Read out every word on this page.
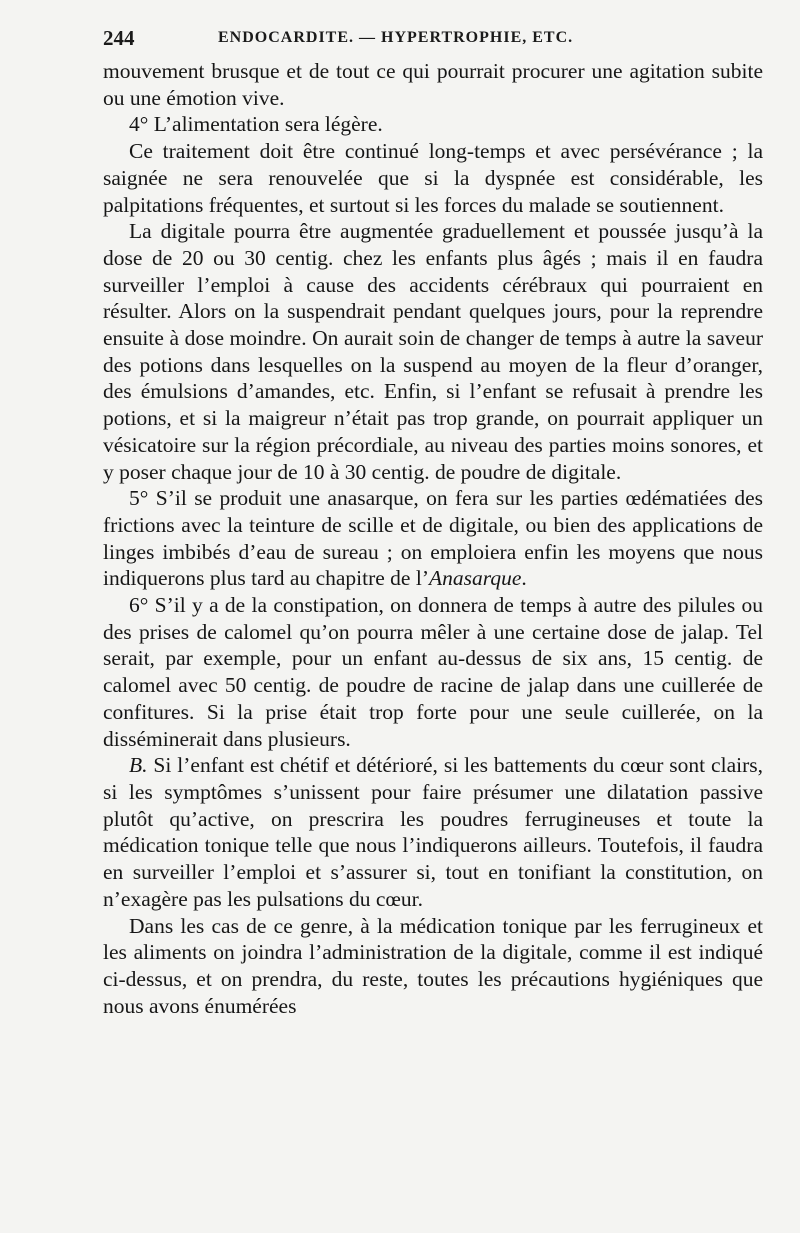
244	ENDOCARDITE. — HYPERTROPHIE, ETC.

mouvement brusque et de tout ce qui pourrait procurer une agitation subite ou une émotion vive.

4° L’alimentation sera légère.

Ce traitement doit être continué long-temps et avec persévérance ; la saignée ne sera renouvelée que si la dyspnée est considérable, les palpitations fréquentes, et surtout si les forces du malade se soutiennent.

La digitale pourra être augmentée graduellement et poussée jusqu’à la dose de 20 ou 30 centig. chez les enfants plus âgés ; mais il en faudra surveiller l’emploi à cause des accidents cérébraux qui pourraient en résulter. Alors on la suspendrait pendant quelques jours, pour la reprendre ensuite à dose moindre. On aurait soin de changer de temps à autre la saveur des potions dans lesquelles on la suspend au moyen de la fleur d’oranger, des émulsions d’amandes, etc. Enfin, si l’enfant se refusait à prendre les potions, et si la maigreur n’était pas trop grande, on pourrait appliquer un vésicatoire sur la région précordiale, au niveau des parties moins sonores, et y poser chaque jour de 10 à 30 centig. de poudre de digitale.

5° S’il se produit une anasarque, on fera sur les parties œdématiées des frictions avec la teinture de scille et de digitale, ou bien des applications de linges imbibés d’eau de sureau ; on emploiera enfin les moyens que nous indiquerons plus tard au chapitre de l’Anasarque.

6° S’il y a de la constipation, on donnera de temps à autre des pilules ou des prises de calomel qu’on pourra mêler à une certaine dose de jalap. Tel serait, par exemple, pour un enfant au-dessus de six ans, 15 centig. de calomel avec 50 centig. de poudre de racine de jalap dans une cuillerée de confitures. Si la prise était trop forte pour une seule cuillerée, on la disséminerait dans plusieurs.

B. Si l’enfant est chétif et détérioré, si les battements du cœur sont clairs, si les symptômes s’unissent pour faire présumer une dilatation passive plutôt qu’active, on prescrira les poudres ferrugineuses et toute la médication tonique telle que nous l’indiquerons ailleurs. Toutefois, il faudra en surveiller l’emploi et s’assurer si, tout en tonifiant la constitution, on n’exagère pas les pulsations du cœur.

Dans les cas de ce genre, à la médication tonique par les ferrugineux et les aliments on joindra l’administration de la digitale, comme il est indiqué ci-dessus, et on prendra, du reste, toutes les précautions hygiéniques que nous avons énumérées
